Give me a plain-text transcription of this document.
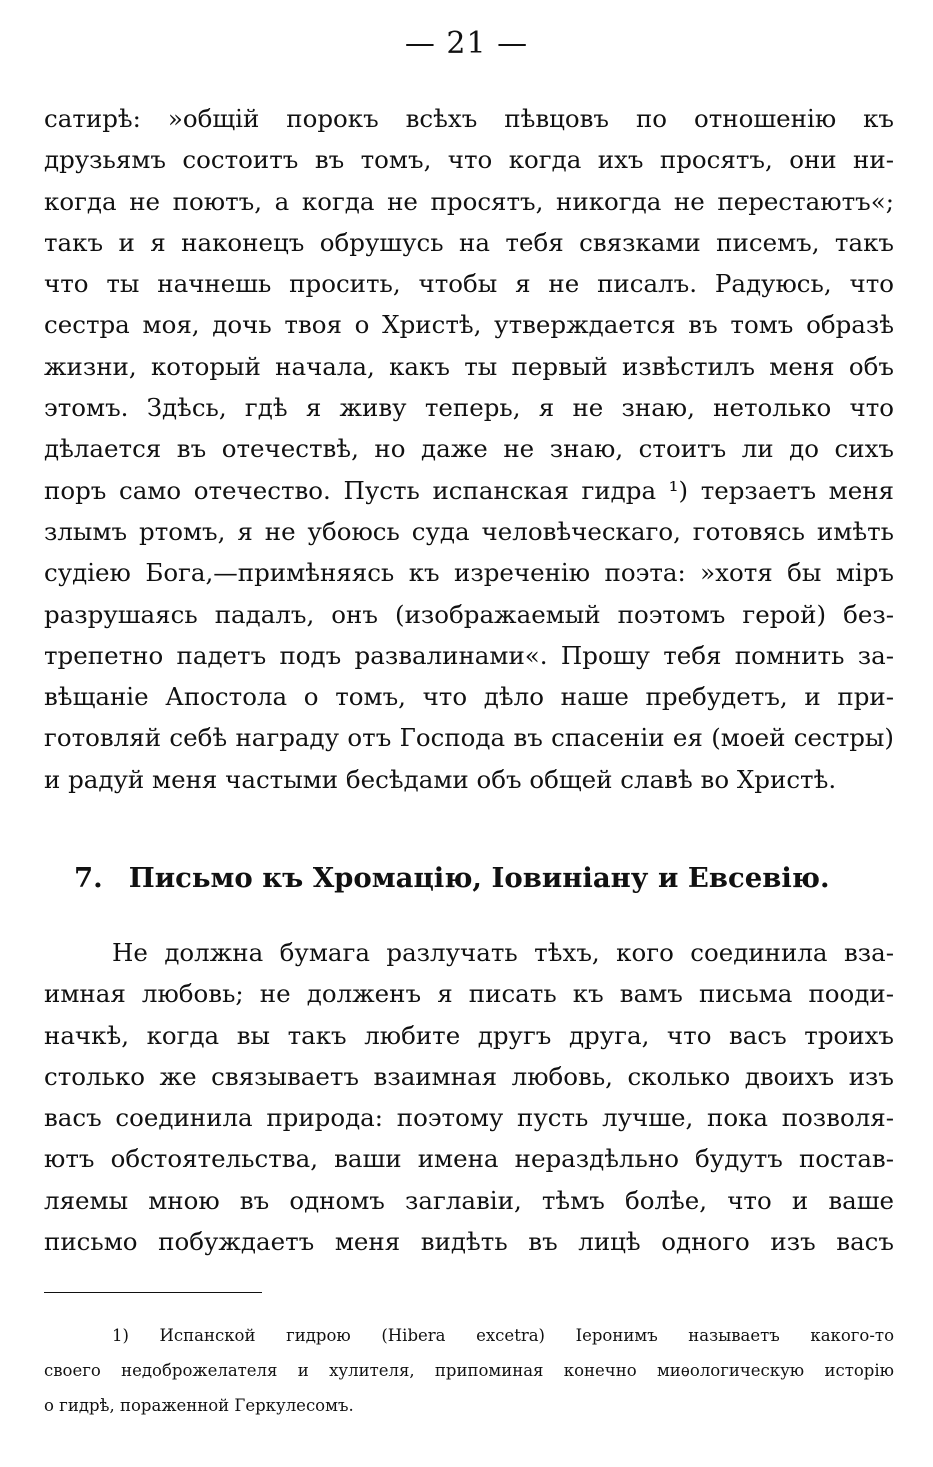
— 21 —
сатирѣ: »общій порокъ всѣхъ пѣвцовъ по отношенію къ
друзьямъ состоитъ въ томъ, что когда ихъ просятъ, они ни-
когда не поютъ, а когда не просятъ, никогда не перестаютъ«;
такъ и я наконецъ обрушусь на тебя связками писемъ, такъ
что ты начнешь просить, чтобы я не писалъ. Радуюсь, что
сестра моя, дочь твоя о Христѣ, утверждается въ томъ образѣ
жизни, который начала, какъ ты первый извѣстилъ меня объ
этомъ. Здѣсь, гдѣ я живу теперь, я не знаю, нетолько что
дѣлается въ отечествѣ, но даже не знаю, стоитъ ли до сихъ
поръ само отечество. Пусть испанская гидра ¹) терзаетъ меня
злымъ ртомъ, я не убоюсь суда человѣческаго, готовясь имѣть
судіею Бога,—примѣняясь къ изреченію поэта: »хотя бы міръ
разрушаясь падалъ, онъ (изображаемый поэтомъ герой) без-
трепетно падетъ подъ развалинами«. Прошу тебя помнить за-
вѣщаніе Апостола о томъ, что дѣло наше пребудетъ, и при-
готовляй себѣ награду отъ Господа въ спасеніи ея (моей сестры)
и радуй меня частыми бесѣдами объ общей славѣ во Христѣ.
7. Письмо къ Хромацію, Іовиніану и Евсевію.
Не должна бумага разлучать тѣхъ, кого соединила вза-
имная любовь; не долженъ я писать къ вамъ письма пооди-
начкѣ, когда вы такъ любите другъ друга, что васъ троихъ
столько же связываетъ взаимная любовь, сколько двоихъ изъ
васъ соединила природа: поэтому пусть лучше, пока позволя-
ютъ обстоятельства, ваши имена нераздѣльно будутъ постав-
ляемы мною въ одномъ заглавіи, тѣмъ болѣе, что и ваше
письмо побуждаетъ меня видѣть въ лицѣ одного изъ васъ
1) Испанской гидрою (Hibera excetra) Іеронимъ называетъ какого-то
своего недоброжелателя и хулителя, припоминая конечно миѳологическую исторію
о гидрѣ, пораженной Геркулесомъ.
